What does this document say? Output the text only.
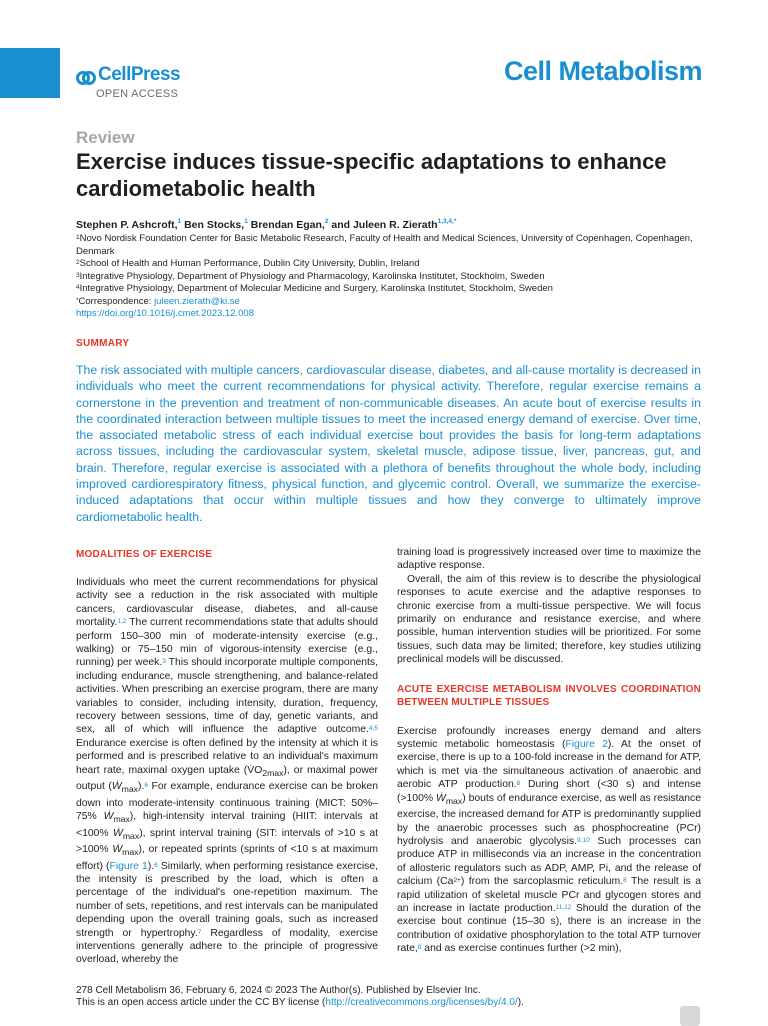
CellPress
OPEN ACCESS
Cell Metabolism
Review
Exercise induces tissue-specific adaptations to enhance cardiometabolic health
Stephen P. Ashcroft,$^1$ Ben Stocks,$^1$ Brendan Egan,$^2$ and Juleen R. Zierath$^{1,3,4,*}$
$^1$Novo Nordisk Foundation Center for Basic Metabolic Research, Faculty of Health and Medical Sciences, University of Copenhagen, Copenhagen, Denmark
$^2$School of Health and Human Performance, Dublin City University, Dublin, Ireland
$^3$Integrative Physiology, Department of Physiology and Pharmacology, Karolinska Institutet, Stockholm, Sweden
$^4$Integrative Physiology, Department of Molecular Medicine and Surgery, Karolinska Institutet, Stockholm, Sweden
*Correspondence: juleen.zierath@ki.se
https://doi.org/10.1016/j.cmet.2023.12.008
SUMMARY

The risk associated with multiple cancers, cardiovascular disease, diabetes, and all-cause mortality is decreased in individuals who meet the current recommendations for physical activity. Therefore, regular exercise remains a cornerstone in the prevention and treatment of non-communicable diseases. An acute bout of exercise results in the coordinated interaction between multiple tissues to meet the increased energy demand of exercise. Over time, the associated metabolic stress of each individual exercise bout provides the basis for long-term adaptations across tissues, including the cardiovascular system, skeletal muscle, adipose tissue, liver, pancreas, gut, and brain. Therefore, regular exercise is associated with a plethora of benefits throughout the whole body, including improved cardiorespiratory fitness, physical function, and glycemic control. Overall, we summarize the exercise-induced adaptations that occur within multiple tissues and how they converge to ultimately improve cardiometabolic health.

MODALITIES OF EXERCISE

Individuals who meet the current recommendations for physical activity see a reduction in the risk associated with multiple cancers, cardiovascular disease, diabetes, and all-cause mortality.$^{1,2}$ The current recommendations state that adults should perform 150–300 min of moderate-intensity exercise (e.g., walking) or 75–150 min of vigorous-intensity exercise (e.g., running) per week.$^3$ This should incorporate multiple components, including endurance, muscle strengthening, and balance-related activities. When prescribing an exercise program, there are many variables to consider, including intensity, duration, frequency, recovery between sessions, time of day, genetic variants, and sex, all of which will influence the adaptive outcome.$^{4,5}$ Endurance exercise is often defined by the intensity at which it is performed and is prescribed relative to an individual's maximum heart rate, maximal oxygen uptake $(V̇O_{2max})$, or maximal power output (Ẇ$_{max}$).$^6$ For example, endurance exercise can be broken down into moderate-intensity continuous training (MICT: 50%–75% Ẇ$_{max}$), high-intensity interval training (HIIT: intervals at <100% Ẇ$_{max}$), sprint interval training (SIT: intervals of >10 s at >100% Ẇ$_{max}$), or repeated sprints (sprints of <10 s at maximum effort) (Figure 1).$^6$ Similarly, when performing resistance exercise, the intensity is prescribed by the load, which is often a percentage of the individual's one-repetition maximum. The number of sets, repetitions, and rest intervals can be manipulated depending upon the overall training goals, such as increased strength or hypertrophy.$^7$ Regardless of modality, exercise interventions generally adhere to the principle of progressive overload, whereby the

training load is progressively increased over time to maximize the adaptive response.

Overall, the aim of this review is to describe the physiological responses to acute exercise and the adaptive responses to chronic exercise from a multi-tissue perspective. We will focus primarily on endurance and resistance exercise, and where possible, human intervention studies will be prioritized. For some tissues, such data may be limited; therefore, key studies utilizing preclinical models will be discussed.

ACUTE EXERCISE METABOLISM INVOLVES COORDINATION BETWEEN MULTIPLE TISSUES

Exercise profoundly increases energy demand and alters systemic metabolic homeostasis (Figure 2). At the onset of exercise, there is up to a 100-fold increase in the demand for ATP, which is met via the simultaneous activation of anaerobic and aerobic ATP production.$^8$ During short (<30 s) and intense (>100% Ẇ$_{max}$) bouts of endurance exercise, as well as resistance exercise, the increased demand for ATP is predominantly supplied by the anaerobic processes such as phosphocreatine (PCr) hydrolysis and anaerobic glycolysis.$^{9,10}$ Such processes can produce ATP in milliseconds via an increase in the concentration of allosteric regulators such as ADP, AMP, Pi, and the release of calcium $(Ca^{2+})$ from the sarcoplasmic reticulum.$^8$ The result is a rapid utilization of skeletal muscle PCr and glycogen stores and an increase in lactate production.$^{11,12}$ Should the duration of the exercise bout continue (15–30 s), there is an increase in the contribution of oxidative phosphorylation to the total ATP turnover rate,$^8$ and as exercise continues further (>2 min),

278 Cell Metabolism 36, February 6, 2024 © 2023 The Author(s). Published by Elsevier Inc.
This is an open access article under the CC BY license (http://creativecommons.org/licenses/by/4.0/).
